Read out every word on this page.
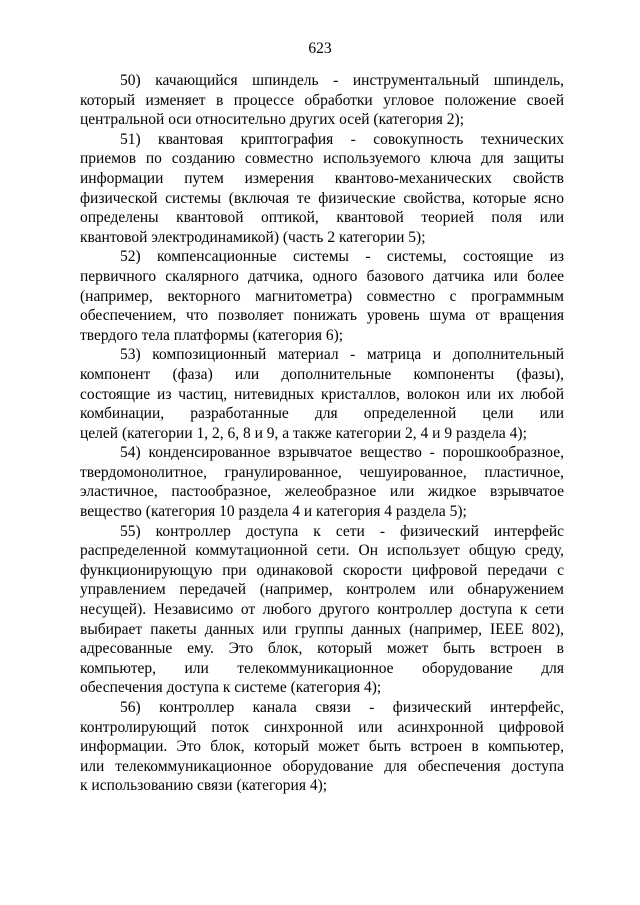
623
50) качающийся шпиндель - инструментальный шпиндель,
который изменяет в процессе обработки угловое положение своей
центральной оси относительно других осей (категория 2);
51) квантовая криптография - совокупность технических
приемов по созданию совместно используемого ключа для защиты
информации путем измерения квантово-механических свойств
физической системы (включая те физические свойства, которые ясно
определены квантовой оптикой, квантовой теорией поля или
квантовой электродинамикой) (часть 2 категории 5);
52) компенсационные системы - системы, состоящие из
первичного скалярного датчика, одного базового датчика или более
(например, векторного магнитометра) совместно с программным
обеспечением, что позволяет понижать уровень шума от вращения
твердого тела платформы (категория 6);
53) композиционный материал - матрица и дополнительный
компонент (фаза) или дополнительные компоненты (фазы),
состоящие из частиц, нитевидных кристаллов, волокон или их любой
комбинации, разработанные для определенной цели или
целей (категории 1, 2, 6, 8 и 9, а также категории 2, 4 и 9 раздела 4);
54) конденсированное взрывчатое вещество - порошкообразное,
твердомонолитное, гранулированное, чешуированное, пластичное,
эластичное, пастообразное, желеобразное или жидкое взрывчатое
вещество (категория 10 раздела 4 и категория 4 раздела 5);
55) контроллер доступа к сети - физический интерфейс
распределенной коммутационной сети. Он использует общую среду,
функционирующую при одинаковой скорости цифровой передачи с
управлением передачей (например, контролем или обнаружением
несущей). Независимо от любого другого контроллер доступа к сети
выбирает пакеты данных или группы данных (например, IEEE 802),
адресованные ему. Это блок, который может быть встроен в
компьютер, или телекоммуникационное оборудование для
обеспечения доступа к системе (категория 4);
56) контроллер канала связи - физический интерфейс,
контролирующий поток синхронной или асинхронной цифровой
информации. Это блок, который может быть встроен в компьютер,
или телекоммуникационное оборудование для обеспечения доступа
к использованию связи (категория 4);
